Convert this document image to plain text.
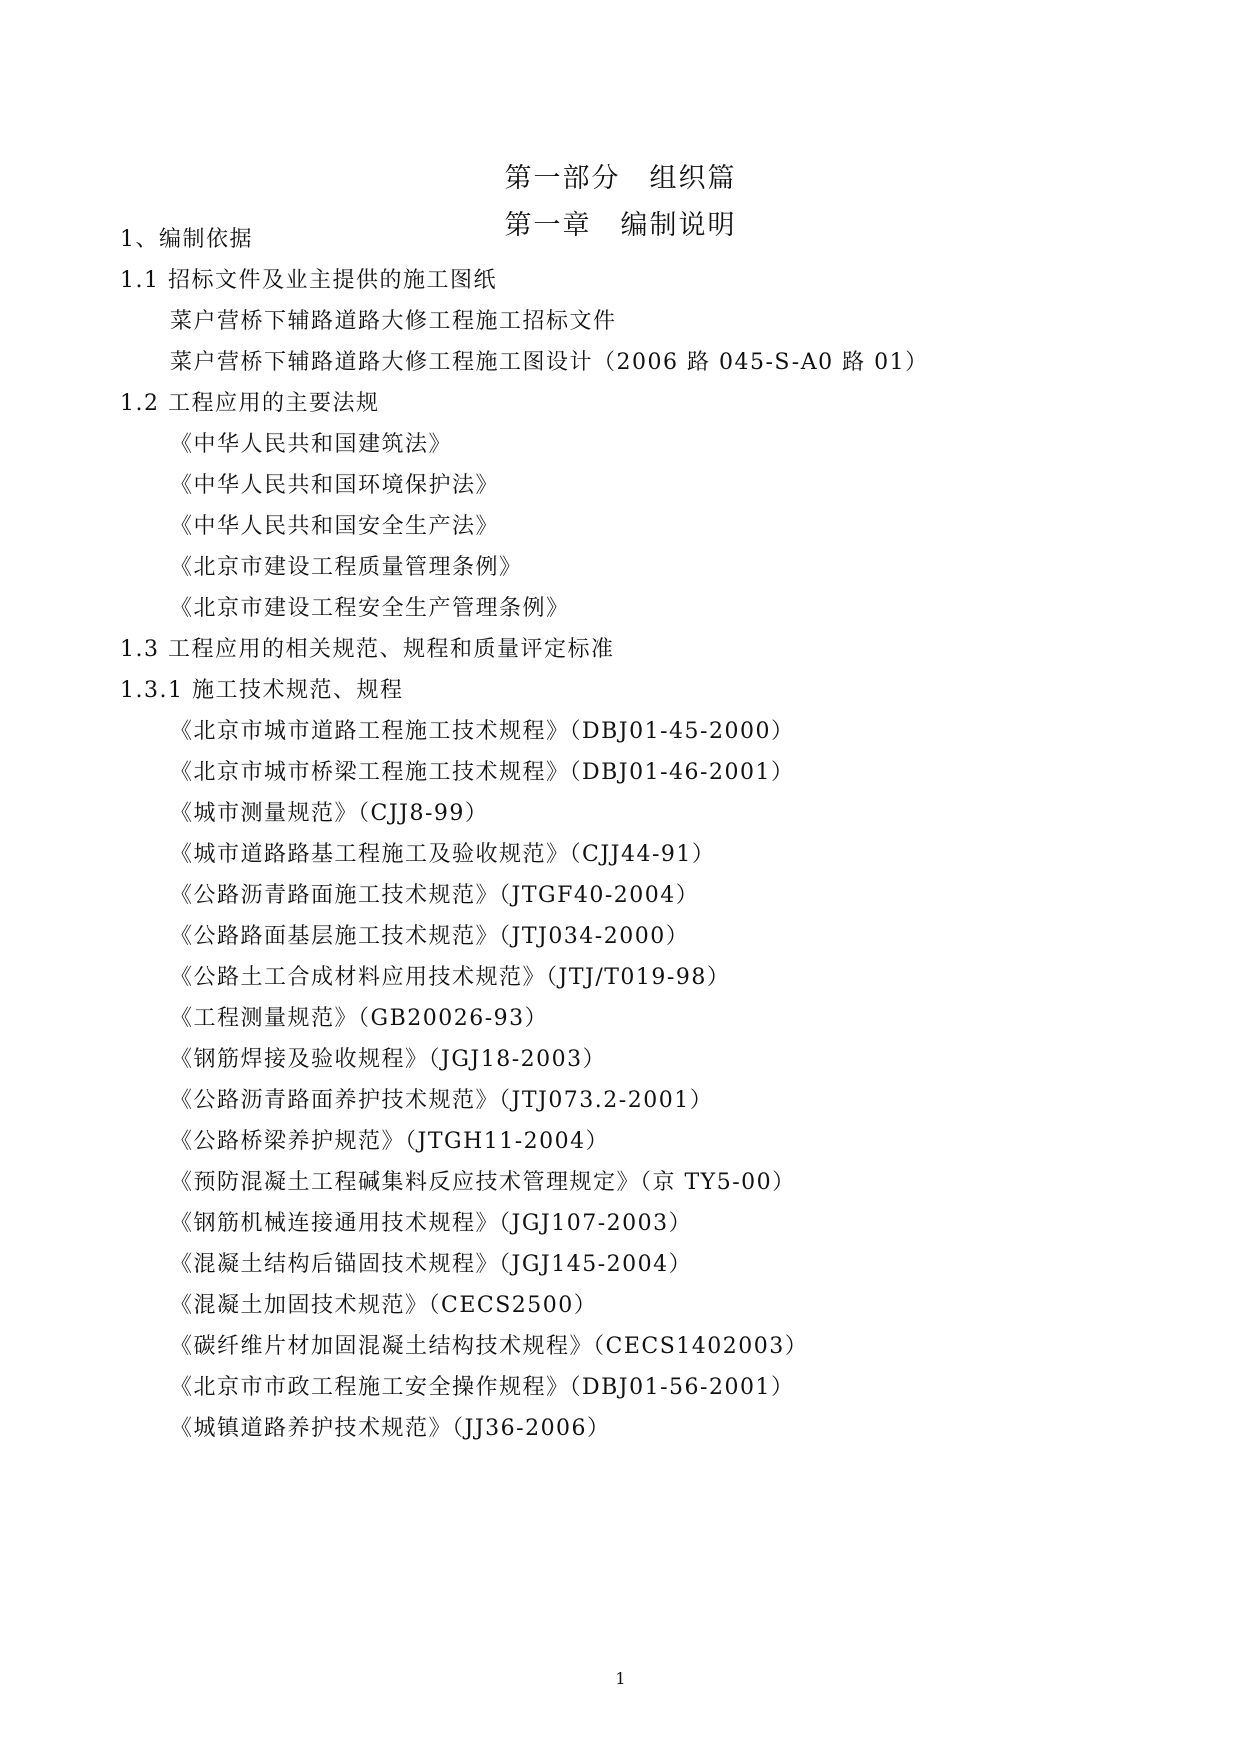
第一部分　组织篇
第一章　编制说明
1、编制依据
1.1 招标文件及业主提供的施工图纸
菜户营桥下辅路道路大修工程施工招标文件
菜户营桥下辅路道路大修工程施工图设计（2006 路 045-S-A0 路 01）
1.2 工程应用的主要法规
《中华人民共和国建筑法》
《中华人民共和国环境保护法》
《中华人民共和国安全生产法》
《北京市建设工程质量管理条例》
《北京市建设工程安全生产管理条例》
1.3 工程应用的相关规范、规程和质量评定标准
1.3.1 施工技术规范、规程
《北京市城市道路工程施工技术规程》（DBJ01-45-2000）
《北京市城市桥梁工程施工技术规程》（DBJ01-46-2001）
《城市测量规范》（CJJ8-99）
《城市道路路基工程施工及验收规范》（CJJ44-91）
《公路沥青路面施工技术规范》（JTGF40-2004）
《公路路面基层施工技术规范》（JTJ034-2000）
《公路土工合成材料应用技术规范》（JTJ/T019-98）
《工程测量规范》（GB20026-93）
《钢筋焊接及验收规程》（JGJ18-2003）
《公路沥青路面养护技术规范》（JTJ073.2-2001）
《公路桥梁养护规范》（JTGH11-2004）
《预防混凝土工程碱集料反应技术管理规定》（京 TY5-00）
《钢筋机械连接通用技术规程》（JGJ107-2003）
《混凝土结构后锚固技术规程》（JGJ145-2004）
《混凝土加固技术规范》（CECS2500）
《碳纤维片材加固混凝土结构技术规程》（CECS1402003）
《北京市市政工程施工安全操作规程》（DBJ01-56-2001）
《城镇道路养护技术规范》（JJ36-2006）
1
